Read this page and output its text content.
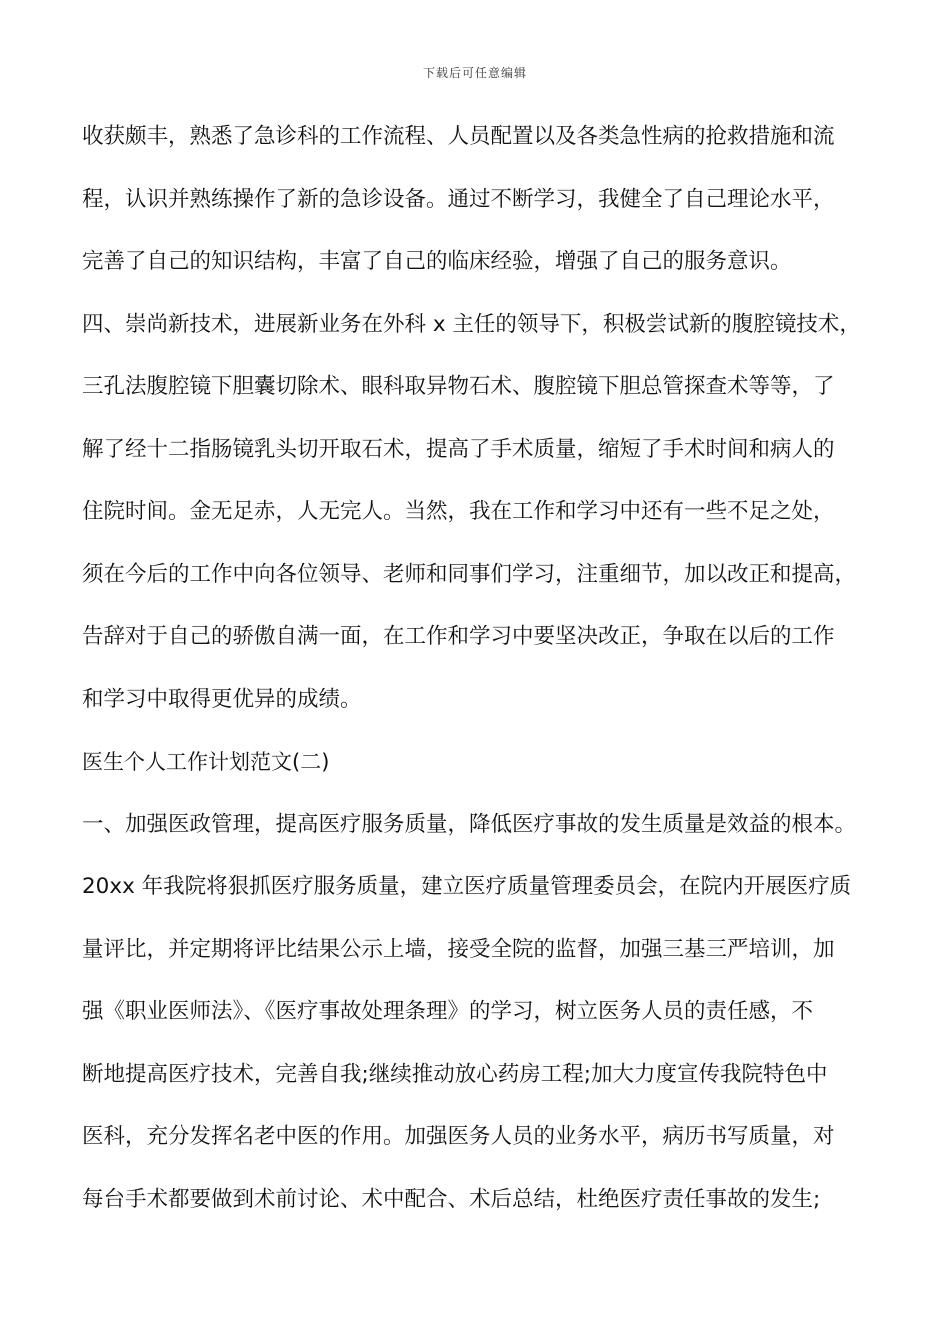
下载后可任意编辑
收获颇丰，熟悉了急诊科的工作流程、人员配置以及各类急性病的抢救措施和流
程，认识并熟练操作了新的急诊设备。通过不断学习，我健全了自己理论水平，
完善了自己的知识结构，丰富了自己的临床经验，增强了自己的服务意识。
四、崇尚新技术，进展新业务在外科 x 主任的领导下，积极尝试新的腹腔镜技术，
三孔法腹腔镜下胆囊切除术、眼科取异物石术、腹腔镜下胆总管探查术等等，了
解了经十二指肠镜乳头切开取石术，提高了手术质量，缩短了手术时间和病人的
住院时间。金无足赤，人无完人。当然，我在工作和学习中还有一些不足之处，
须在今后的工作中向各位领导、老师和同事们学习，注重细节，加以改正和提高，
告辞对于自己的骄傲自满一面，在工作和学习中要坚决改正，争取在以后的工作
和学习中取得更优异的成绩。
医生个人工作计划范文(二)
一、加强医政管理，提高医疗服务质量，降低医疗事故的发生质量是效益的根本。
20xx 年我院将狠抓医疗服务质量，建立医疗质量管理委员会，在院内开展医疗质
量评比，并定期将评比结果公示上墙，接受全院的监督，加强三基三严培训，加
强《职业医师法》、《医疗事故处理条理》的学习，树立医务人员的责任感，不
断地提高医疗技术，完善自我;继续推动放心药房工程;加大力度宣传我院特色中
医科，充分发挥名老中医的作用。加强医务人员的业务水平，病历书写质量，对
每台手术都要做到术前讨论、术中配合、术后总结，杜绝医疗责任事故的发生;
